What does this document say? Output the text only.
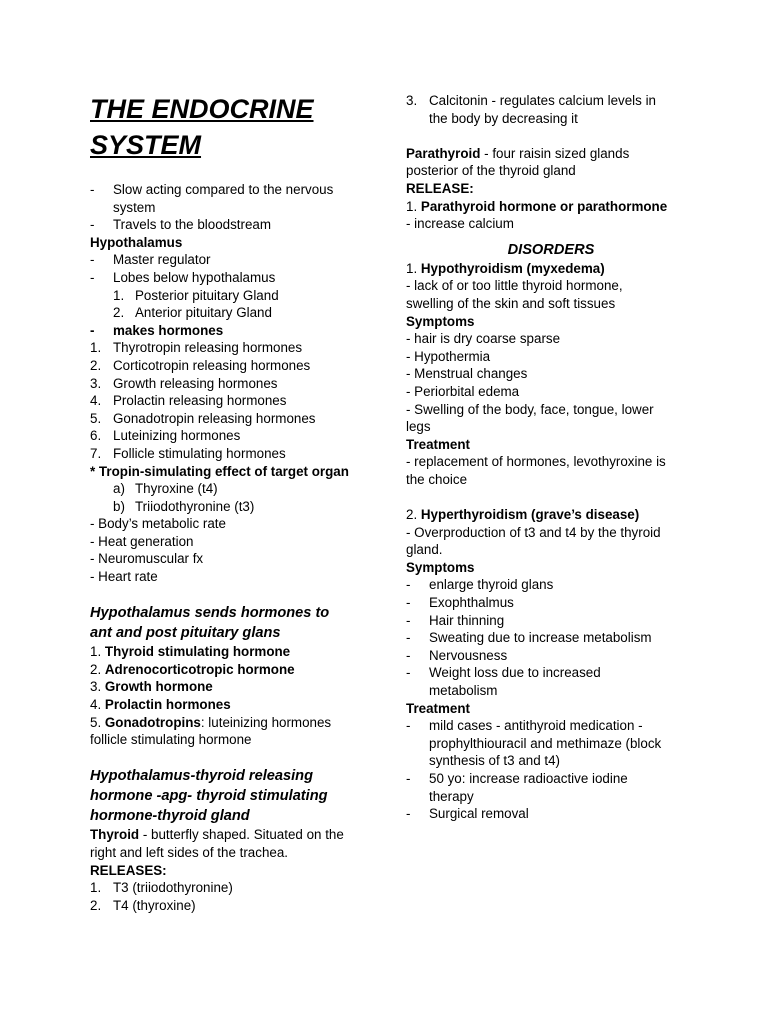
THE ENDOCRINE
SYSTEM
- Slow acting compared to the nervous
system
- Travels to the bloodstream
Hypothalamus
- Master regulator
- Lobes below hypothalamus
1. Posterior pituitary Gland
2. Anterior pituitary Gland
- makes hormones
1. Thyrotropin releasing hormones
2. Corticotropin releasing hormones
3. Growth releasing hormones
4. Prolactin releasing hormones
5. Gonadotropin releasing hormones
6. Luteinizing hormones
7. Follicle stimulating hormones
* Tropin-simulating effect of target organ
a) Thyroxine (t4)
b) Triiodothyronine (t3)
- Body’s metabolic rate
- Heat generation
- Neuromuscular fx
- Heart rate
Hypothalamus sends hormones to
ant and post pituitary glans
1. Thyroid stimulating hormone
2. Adrenocorticotropic hormone
3. Growth hormone
4. Prolactin hormones
5. Gonadotropins: luteinizing hormones
follicle stimulating hormone
Hypothalamus-thyroid releasing
hormone -apg- thyroid stimulating
hormone-thyroid gland
Thyroid - butterfly shaped. Situated on the
right and left sides of the trachea.
RELEASES:
1. T3 (triiodothyronine)
2. T4 (thyroxine)
3. Calcitonin - regulates calcium levels in
the body by decreasing it
Parathyroid - four raisin sized glands
posterior of the thyroid gland
RELEASE:
1. Parathyroid hormone or parathormone
- increase calcium
DISORDERS
1. Hypothyroidism (myxedema)
- lack of or too little thyroid hormone,
swelling of the skin and soft tissues
Symptoms
- hair is dry coarse sparse
- Hypothermia
- Menstrual changes
- Periorbital edema
- Swelling of the body, face, tongue, lower
legs
Treatment
- replacement of hormones, levothyroxine is
the choice
2. Hyperthyroidism (grave’s disease)
- Overproduction of t3 and t4 by the thyroid
gland.
Symptoms
- enlarge thyroid glans
- Exophthalmus
- Hair thinning
- Sweating due to increase metabolism
- Nervousness
- Weight loss due to increased
metabolism
Treatment
- mild cases - antithyroid medication -
prophylthiouracil and methimaze (block
synthesis of t3 and t4)
- 50 yo: increase radioactive iodine
therapy
- Surgical removal
